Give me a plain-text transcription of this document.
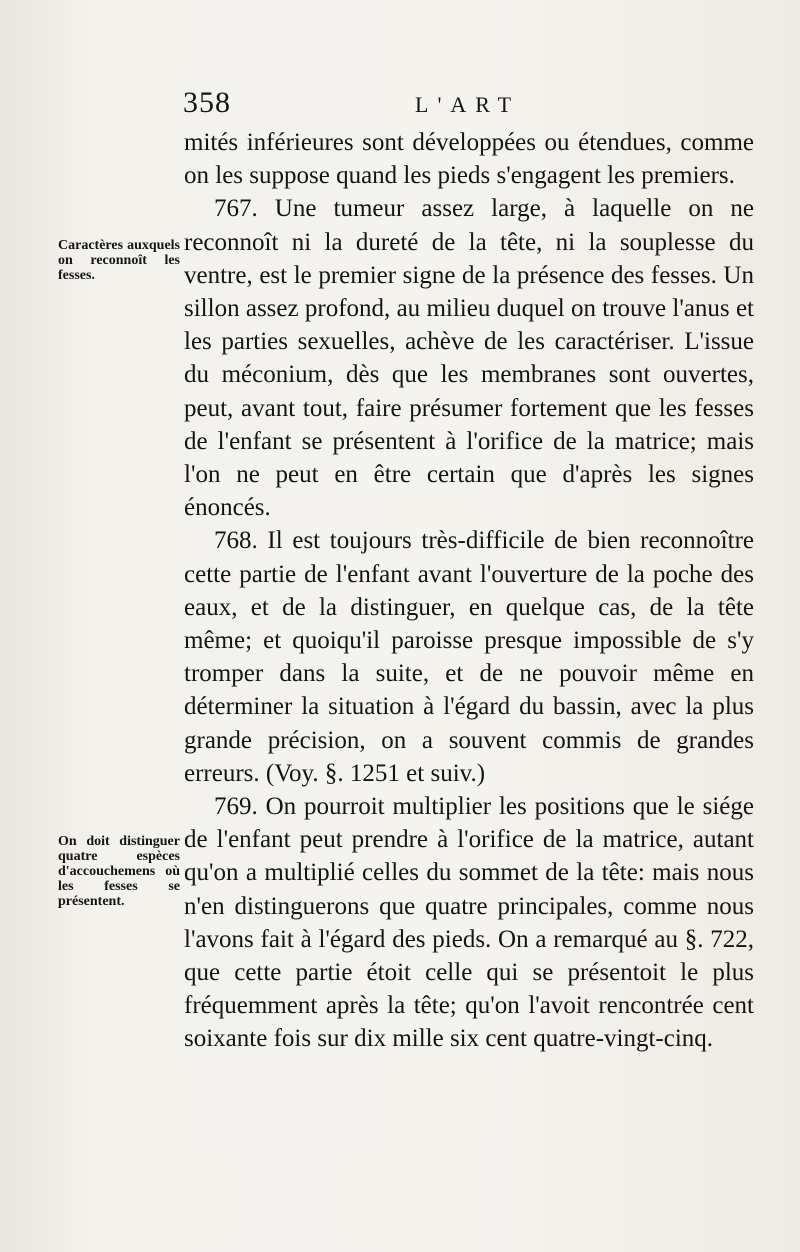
358	L'ART
Caractères auxquels on reconnoît les fesses.
On doit distinguer quatre espèces d'accouchemens où les fesses se présentent.

mités inférieures sont développées ou étendues, comme on les suppose quand les pieds s'engagent les premiers.

767. Une tumeur assez large, à laquelle on ne reconnoît ni la dureté de la tête, ni la souplesse du ventre, est le premier signe de la présence des fesses. Un sillon assez profond, au milieu duquel on trouve l'anus et les parties sexuelles, achève de les caractériser. L'issue du méconium, dès que les membranes sont ouvertes, peut, avant tout, faire présumer fortement que les fesses de l'enfant se présentent à l'orifice de la matrice; mais l'on ne peut en être certain que d'après les signes énoncés.

768. Il est toujours très-difficile de bien reconnoître cette partie de l'enfant avant l'ouverture de la poche des eaux, et de la distinguer, en quelque cas, de la tête même; et quoiqu'il paroisse presque impossible de s'y tromper dans la suite, et de ne pouvoir même en déterminer la situation à l'égard du bassin, avec la plus grande précision, on a souvent commis de grandes erreurs. (Voy. §. 1251 et suiv.)

769. On pourroit multiplier les positions que le siége de l'enfant peut prendre à l'orifice de la matrice, autant qu'on a multiplié celles du sommet de la tête: mais nous n'en distinguerons que quatre principales, comme nous l'avons fait à l'égard des pieds. On a remarqué au §. 722, que cette partie étoit celle qui se présentoit le plus fréquemment après la tête; qu'on l'avoit rencontrée cent soixante fois sur dix mille six cent quatre-vingt-cinq.
